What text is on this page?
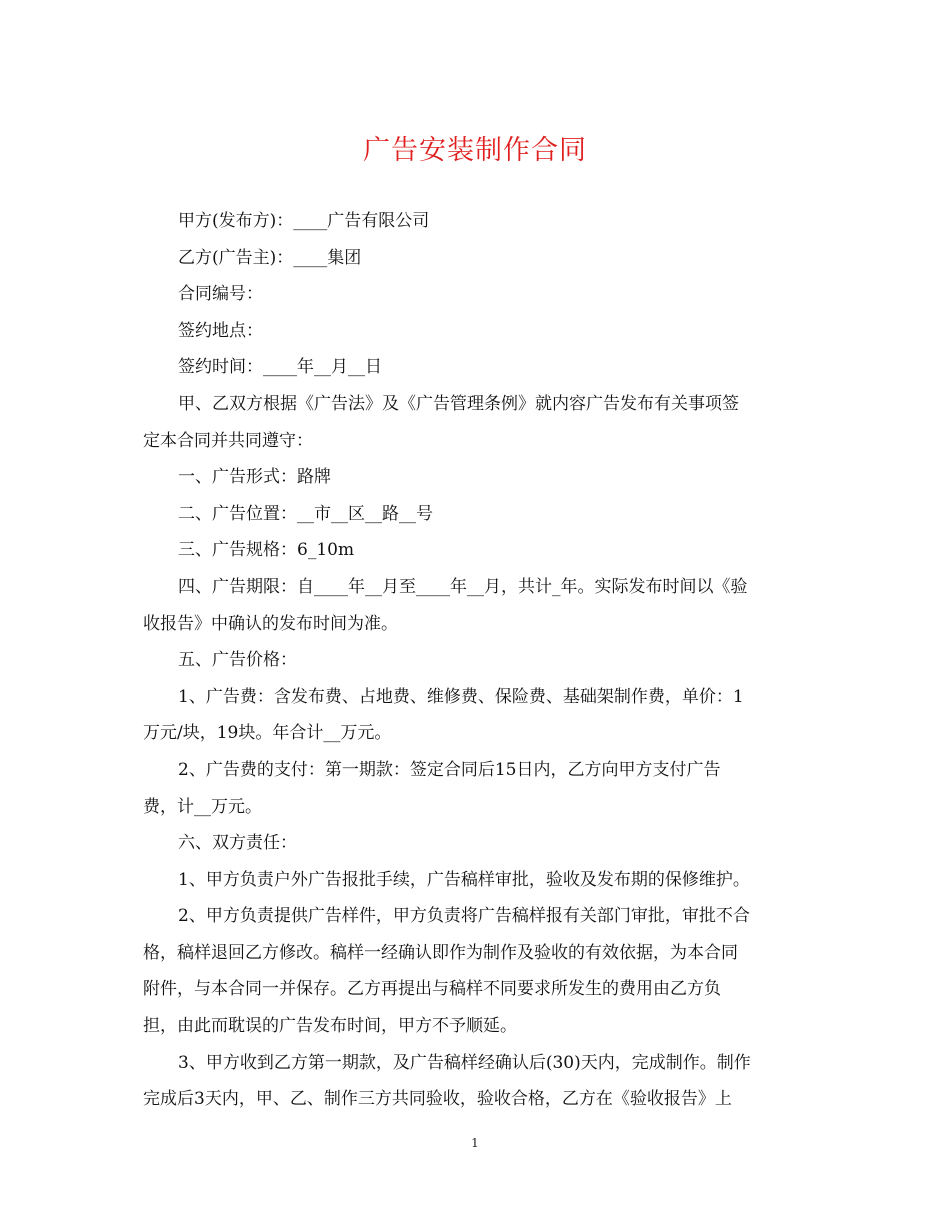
广告安装制作合同

甲方(发布方)：____广告有限公司

乙方(广告主)：____集团

合同编号：

签约地点：

签约时间：____年__月__日

甲、乙双方根据《广告法》及《广告管理条例》就内容广告发布有关事项签

定本合同并共同遵守：

一、广告形式：路牌

二、广告位置：__市__区__路__号

三、广告规格：6_10m

四、广告期限：自____年__月至____年__月，共计_年。实际发布时间以《验

收报告》中确认的发布时间为准。

五、广告价格：

1、广告费：含发布费、占地费、维修费、保险费、基础架制作费，单价：1

万元/块，19块。年合计__万元。

2、广告费的支付：第一期款：签定合同后15日内，乙方向甲方支付广告

费，计__万元。

六、双方责任：

1、甲方负责户外广告报批手续，广告稿样审批，验收及发布期的保修维护。

2、甲方负责提供广告样件，甲方负责将广告稿样报有关部门审批，审批不合

格，稿样退回乙方修改。稿样一经确认即作为制作及验收的有效依据，为本合同

附件，与本合同一并保存。乙方再提出与稿样不同要求所发生的费用由乙方负

担，由此而耽误的广告发布时间，甲方不予顺延。

3、甲方收到乙方第一期款，及广告稿样经确认后(30)天内，完成制作。制作

完成后3天内，甲、乙、制作三方共同验收，验收合格，乙方在《验收报告》上

1
